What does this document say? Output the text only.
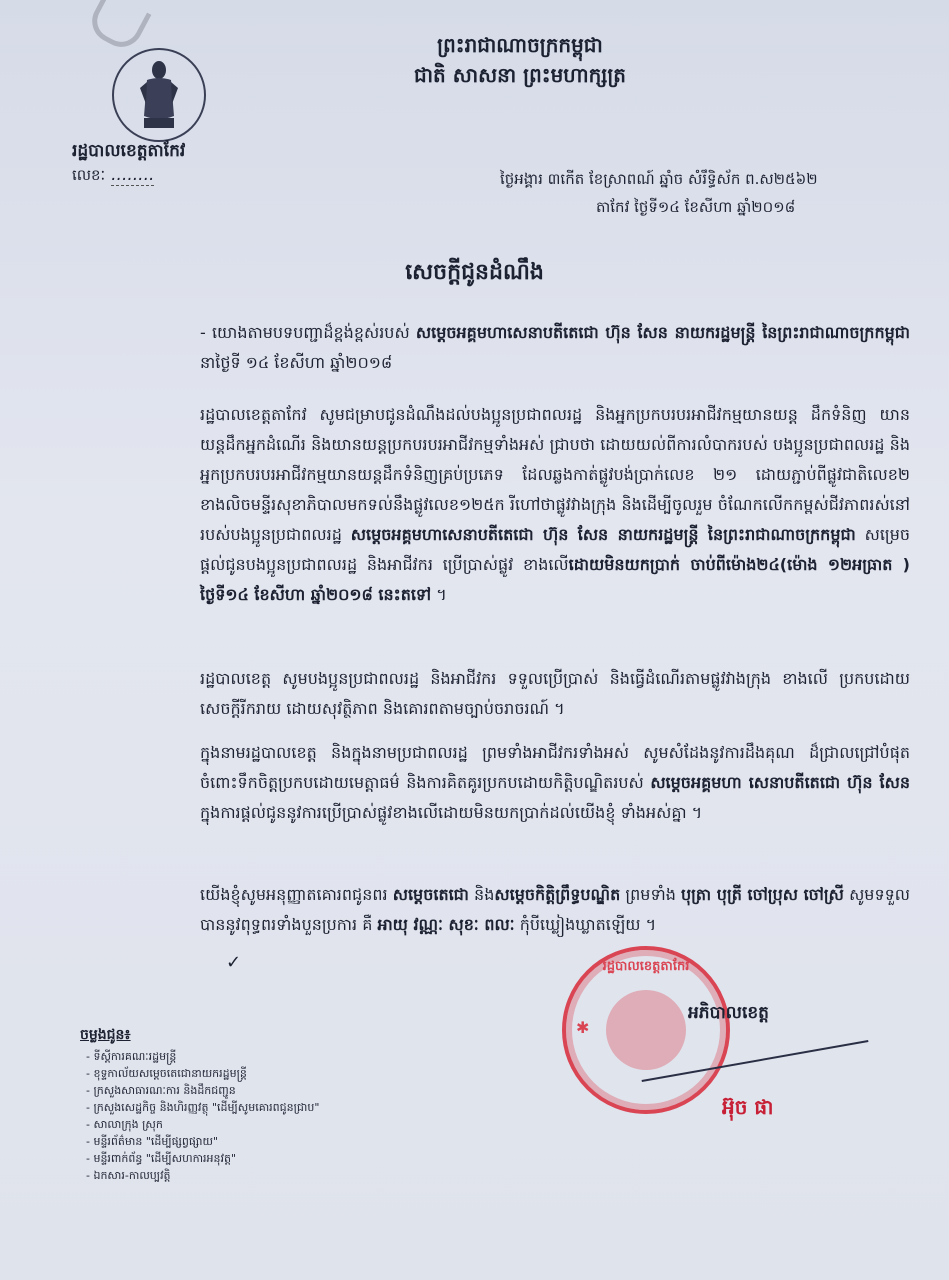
ព្រះរាជាណាចក្រកម្ពុជា
ជាតិ សាសនា ព្រះមហាក្សត្រ
រដ្ឋបាលខេត្តតាកែវ
លេខៈ ........	ថ្ងៃអង្គារ ៣កើត ខែស្រាពណ៍ ឆ្នាំច សំរឹទ្ធិស័ក ព.ស២៥៦២
តាកែវ ថ្ងៃទី១៤ ខែសីហា ឆ្នាំ២០១៨
សេចក្តីជូនដំណឹង
- យោងតាមបទបញ្ជាដ៏ខ្ពង់ខ្ពស់របស់ សម្តេចអគ្គមហាសេនាបតីតេជោ ហ៊ុន សែន នាយករដ្ឋមន្ត្រី នៃព្រះរាជាណាចក្រកម្ពុជា នាថ្ងៃទី ១៤ ខែសីហា ឆ្នាំ២០១៨
រដ្ឋបាលខេត្តតាកែវ សូមជម្រាបជូនដំណឹងដល់បងប្អូនប្រជាពលរដ្ឋ និងអ្នកប្រកបរបរអាជីវកម្មយានយន្ត ដឹកទំនិញ យានយន្តដឹកអ្នកដំណើរ និងយានយន្តប្រកបរបរអាជីវកម្មទាំងអស់ ជ្រាបថា ដោយយល់ពីការលំបាករបស់ បងប្អូនប្រជាពលរដ្ឋ និងអ្នកប្រកបរបរអាជីវកម្មយានយន្តដឹកទំនិញគ្រប់ប្រភេទ ដែលឆ្លងកាត់ផ្លូវបង់ប្រាក់លេខ ២១ ដោយភ្ជាប់ពីផ្លូវជាតិលេខ២ ខាងលិចមន្ទីរសុខាភិបាលមកទល់នឹងផ្លូវលេខ១២៥ក រីហៅថាផ្លូវវាងក្រុង និងដើម្បីចូលរួម ចំណែកលើកកម្ពស់ជីវភាពរស់នៅរបស់បងប្អូនប្រជាពលរដ្ឋ សម្តេចអគ្គមហាសេនាបតីតេជោ ហ៊ុន សែន នាយករដ្ឋមន្ត្រី នៃព្រះរាជាណាចក្រកម្ពុជា សម្រេចផ្តល់ជូនបងប្អូនប្រជាពលរដ្ឋ និងអាជីវករ ប្រើប្រាស់ផ្លូវ ខាងលើដោយមិនយកប្រាក់ ចាប់ពីម៉ោង២៤(ម៉ោង ១២អធ្រាត ) ថ្ងៃទី១៤ ខែសីហា ឆ្នាំ២០១៨ នេះតទៅ ។
រដ្ឋបាលខេត្ត សូមបងប្អូនប្រជាពលរដ្ឋ និងអាជីវករ ទទួលប្រើប្រាស់ និងធ្វើដំណើរតាមផ្លូវវាងក្រុង ខាងលើ ប្រកបដោយសេចក្តីរីករាយ ដោយសុវត្ថិភាព និងគោរពតាមច្បាប់ចរាចរណ៍ ។
ក្នុងនាមរដ្ឋបាលខេត្ត និងក្នុងនាមប្រជាពលរដ្ឋ ព្រមទាំងអាជីវករទាំងអស់ សូមសំដែងនូវការដឹងគុណ ដ៏ជ្រាលជ្រៅបំផុតចំពោះទឹកចិត្តប្រកបដោយមេត្តាធម៌ និងការគិតគូរប្រកបដោយកិត្តិបណ្ឌិតរបស់ សម្តេចអគ្គមហា សេនាបតីតេជោ ហ៊ុន សែន ក្នុងការផ្តល់ជូននូវការប្រើប្រាស់ផ្លូវខាងលើដោយមិនយកប្រាក់ដល់យើងខ្ញុំ ទាំងអស់គ្នា ។
យើងខ្ញុំសូមអនុញ្ញាតគោរពជូនពរ សម្តេចតេជោ និងសម្តេចកិត្តិព្រឹទ្ធបណ្ឌិត ព្រមទាំង បុត្រា បុត្រី ចៅប្រុស ចៅស្រី សូមទទួលបាននូវពុទ្ធពរទាំងបួនប្រការ គឺ អាយុ វណ្ណៈ សុខៈ ពលៈ កុំបីឃ្លៀងឃ្លាតឡើយ ។
រដ្ឋបាលខេត្តតាកែវ
✱
អភិបាលខេត្ត
អ៊ុច ផា
✓
ចម្លងជូន៖
- ទីស្តីការគណៈរដ្ឋមន្ត្រី
- ខុទ្ទកាល័យសម្តេចតេជោនាយករដ្ឋមន្ត្រី
- ក្រសួងសាធារណៈការ និងដឹកជញ្ជូន
- ក្រសួងសេដ្ឋកិច្ច និងហិរញ្ញវត្ថុ "ដើម្បីសូមគោរពជូនជ្រាប"
- សាលាក្រុង ស្រុក
- មន្ទីរព័ត៌មាន "ដើម្បីផ្សព្វផ្សាយ"
- មន្ទីរពាក់ព័ន្ធ "ដើម្បីសហការអនុវត្ត"
- ឯកសារ-កាលប្បវត្តិ
